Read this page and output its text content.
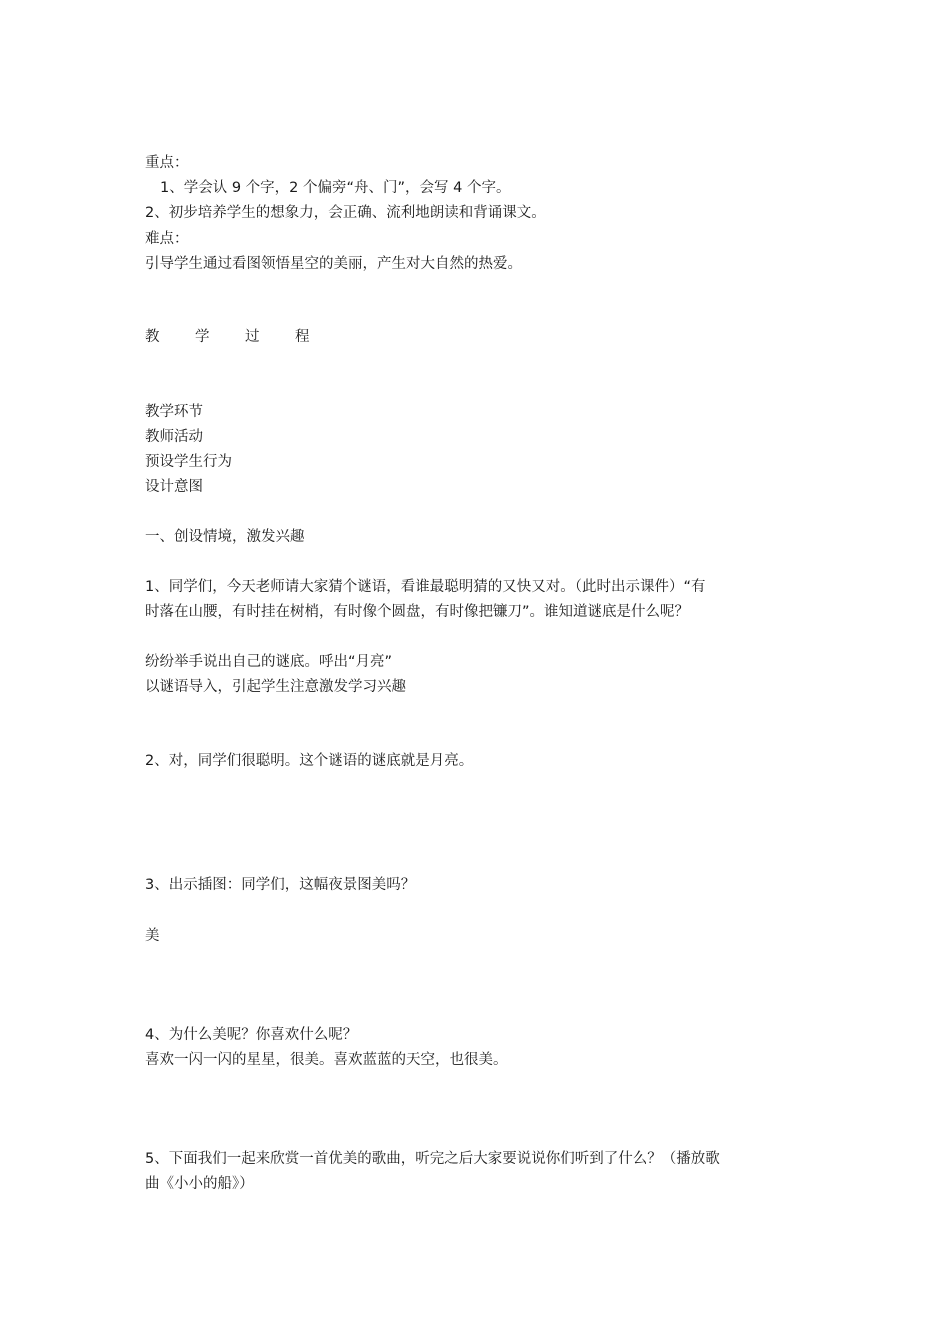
重点：
1、学会认 9 个字，2 个偏旁“舟、门”，会写 4 个字。
2、初步培养学生的想象力，会正确、流利地朗读和背诵课文。
难点：
引导学生通过看图领悟星空的美丽，产生对大自然的热爱。
教 学 过 程
教学环节
教师活动
预设学生行为
设计意图
一、创设情境，激发兴趣
1、同学们，今天老师请大家猜个谜语，看谁最聪明猜的又快又对。（此时出示课件）“有
时落在山腰，有时挂在树梢，有时像个圆盘，有时像把镰刀”。谁知道谜底是什么呢？
纷纷举手说出自己的谜底。呼出“月亮”
以谜语导入，引起学生注意激发学习兴趣
2、对，同学们很聪明。这个谜语的谜底就是月亮。
3、出示插图：同学们，这幅夜景图美吗？
美
4、为什么美呢？你喜欢什么呢？
喜欢一闪一闪的星星，很美。喜欢蓝蓝的天空，也很美。
5、下面我们一起来欣赏一首优美的歌曲，听完之后大家要说说你们听到了什么？（播放歌
曲《小小的船》）
